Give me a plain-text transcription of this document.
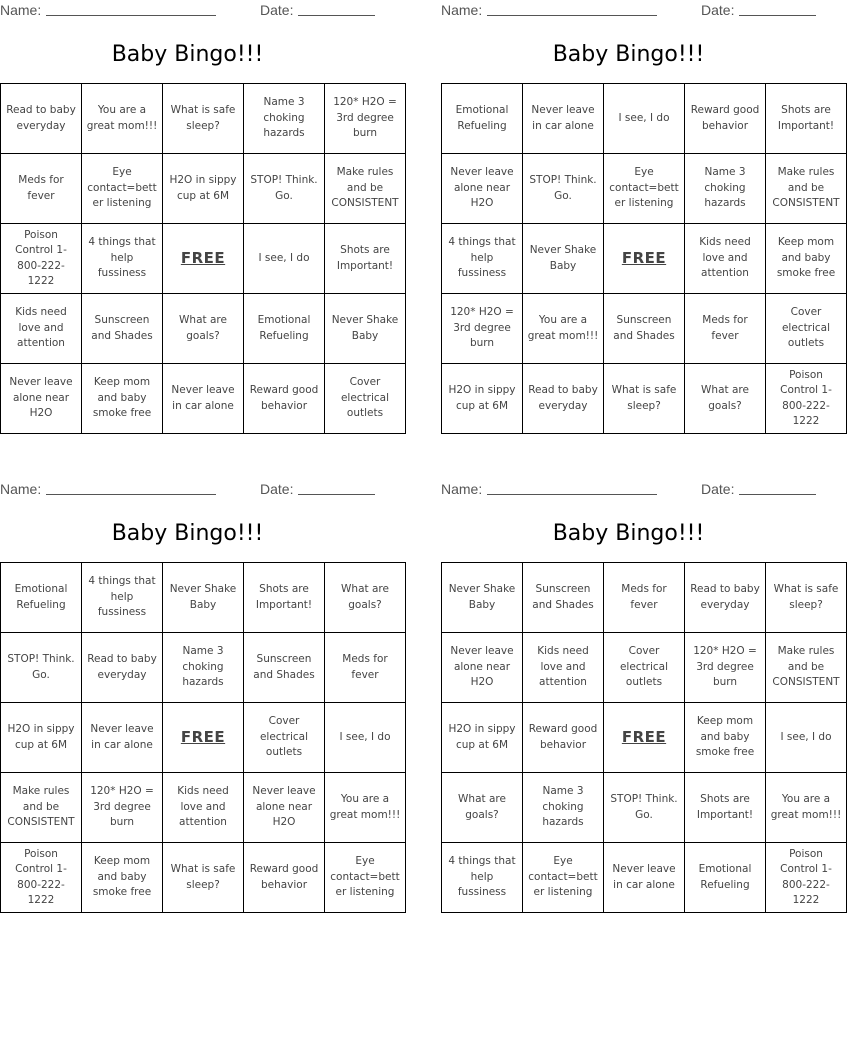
Name:	Date:
Baby Bingo!!!
Read to baby everyday	You are a great mom!!!	What is safe sleep?	Name 3 choking hazards	120* H2O = 3rd degree burn
Meds for fever	Eye contact=better listening	H2O in sippy cup at 6M	STOP! Think. Go.	Make rules and be CONSISTENT
Poison Control 1-800-222-1222	4 things that help fussiness	FREE	I see, I do	Shots are Important!
Kids need love and attention	Sunscreen and Shades	What are goals?	Emotional Refueling	Never Shake Baby
Never leave alone near H2O	Keep mom and baby smoke free	Never leave in car alone	Reward good behavior	Cover electrical outlets
Name:	Date:
Baby Bingo!!!
Emotional Refueling	Never leave in car alone	I see, I do	Reward good behavior	Shots are Important!
Never leave alone near H2O	STOP! Think. Go.	Eye contact=better listening	Name 3 choking hazards	Make rules and be CONSISTENT
4 things that help fussiness	Never Shake Baby	FREE	Kids need love and attention	Keep mom and baby smoke free
120* H2O = 3rd degree burn	You are a great mom!!!	Sunscreen and Shades	Meds for fever	Cover electrical outlets
H2O in sippy cup at 6M	Read to baby everyday	What is safe sleep?	What are goals?	Poison Control 1-800-222-1222
Name:	Date:
Baby Bingo!!!
Emotional Refueling	4 things that help fussiness	Never Shake Baby	Shots are Important!	What are goals?
STOP! Think. Go.	Read to baby everyday	Name 3 choking hazards	Sunscreen and Shades	Meds for fever
H2O in sippy cup at 6M	Never leave in car alone	FREE	Cover electrical outlets	I see, I do
Make rules and be CONSISTENT	120* H2O = 3rd degree burn	Kids need love and attention	Never leave alone near H2O	You are a great mom!!!
Poison Control 1-800-222-1222	Keep mom and baby smoke free	What is safe sleep?	Reward good behavior	Eye contact=better listening
Name:	Date:
Baby Bingo!!!
Never Shake Baby	Sunscreen and Shades	Meds for fever	Read to baby everyday	What is safe sleep?
Never leave alone near H2O	Kids need love and attention	Cover electrical outlets	120* H2O = 3rd degree burn	Make rules and be CONSISTENT
H2O in sippy cup at 6M	Reward good behavior	FREE	Keep mom and baby smoke free	I see, I do
What are goals?	Name 3 choking hazards	STOP! Think. Go.	Shots are Important!	You are a great mom!!!
4 things that help fussiness	Eye contact=better listening	Never leave in car alone	Emotional Refueling	Poison Control 1-800-222-1222
